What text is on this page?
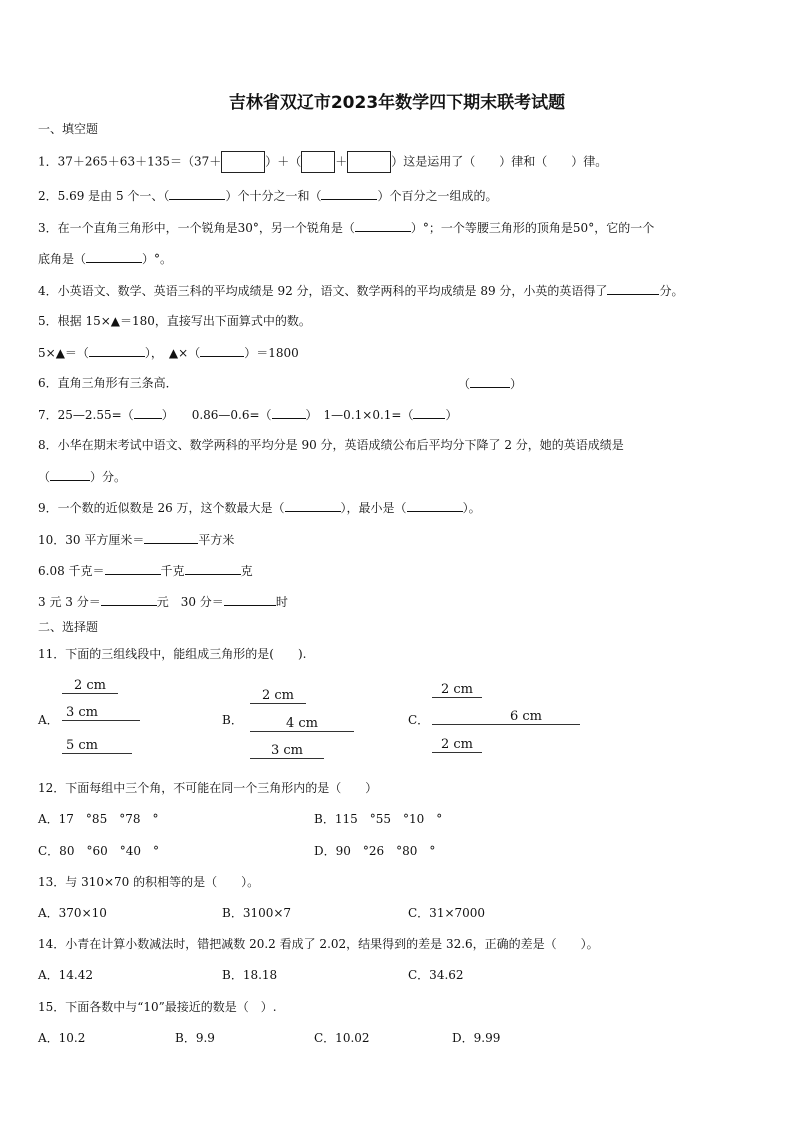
吉林省双辽市2023年数学四下期末联考试题
一、填空题
1．37＋265＋63＋135＝（37＋	）＋（	＋	）这是运用了（　　）律和（　　）律。
2．5.69 是由 5 个一、（	）个十分之一和（	）个百分之一组成的。
3．在一个直角三角形中，一个锐角是30°，另一个锐角是（	）°；一个等腰三角形的顶角是50°，它的一个
底角是（	）°。
4．小英语文、数学、英语三科的平均成绩是 92 分，语文、数学两科的平均成绩是 89 分，小英的英语得了	分。
5．根据 15×▲＝180，直接写出下面算式中的数。
5×▲＝（	），　▲×（	）＝1800
6．直角三角形有三条高．	（	）
7．25—2.55=（ ）　　0.86—0.6=（	）　1—0.1×0.1=（	）
8．小华在期末考试中语文、数学两科的平均分是 90 分，英语成绩公布后平均分下降了 2 分，她的英语成绩是
（	）分。
9．一个数的近似数是 26 万，这个数最大是（	），最小是（	）。
10．30 平方厘米＝	平方米
6.08 千克＝	千克	克
3 元 3 分＝	元　30 分＝	时
二、选择题
11．下面的三组线段中，能组成三角形的是(　　).
A．
2 cm
3 cm
5 cm
B．
2 cm
4 cm
3 cm
C．
2 cm
6 cm
2 cm
12．下面每组中三个角，不可能在同一个三角形内的是（　　）
A．17　°85　°78　°	B．115　°55　°10　°
C．80　°60　°40　°	D．90　°26　°80　°
13．与 310×70 的积相等的是（　　）。
A．370×10	B．3100×7	C．31×7000
14．小青在计算小数减法时，错把减数 20.2 看成了 2.02，结果得到的差是 32.6，正确的差是（　　）。
A．14.42	B．18.18	C．34.62
15．下面各数中与“10”最接近的数是（　）.
A．10.2	B．9.9	C．10.02	D．9.99
